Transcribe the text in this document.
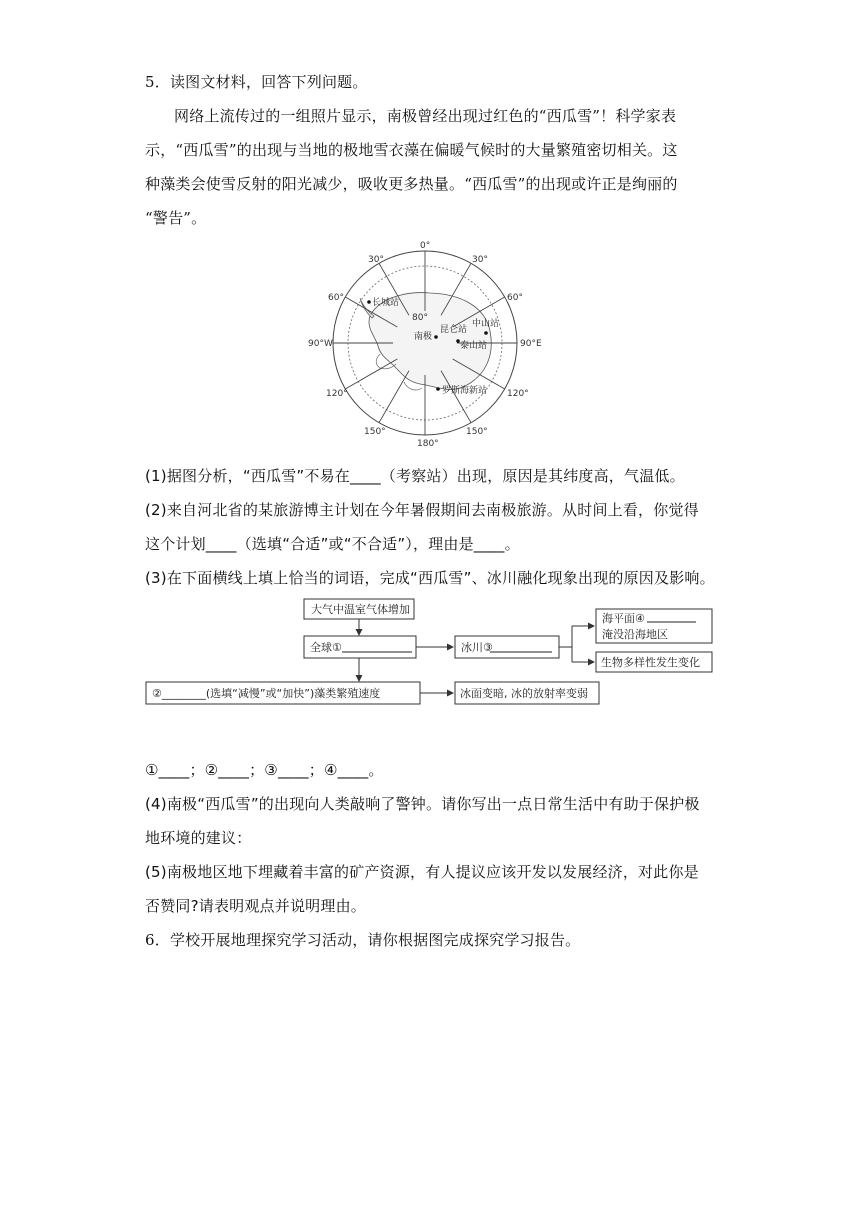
5．读图文材料，回答下列问题。
网络上流传过的一组照片显示，南极曾经出现过红色的“西瓜雪”！科学家表
示，“西瓜雪”的出现与当地的极地雪衣藻在偏暖气候时的大量繁殖密切相关。这
种藻类会使雪反射的阳光减少，吸收更多热量。“西瓜雪”的出现或许正是绚丽的
“警告”。
0°
30°	30°
60°	60°
90°W	90°E
120°	120°
150°	150°
180°
80°
南极
长城站
昆仑站
中山站
泰山站
罗斯海新站
(1)据图分析，“西瓜雪”不易在____（考察站）出现，原因是其纬度高，气温低。
(2)来自河北省的某旅游博主计划在今年暑假期间去南极旅游。从时间上看，你觉得
这个计划____（选填“合适”或“不合适”），理由是____。
(3)在下面横线上填上恰当的词语，完成“西瓜雪”、冰川融化现象出现的原因及影响。
大气中温室气体增加
全球①	冰川③
海平面④
淹没沿海地区
生物多样性发生变化
②________(选填“减慢”或“加快”)藻类繁殖速度	冰面变暗, 冰的放射率变弱
①____；②____；③____；④____。
(4)南极“西瓜雪”的出现向人类敲响了警钟。请你写出一点日常生活中有助于保护极
地环境的建议：
(5)南极地区地下埋藏着丰富的矿产资源，有人提议应该开发以发展经济，对此你是
否赞同?请表明观点并说明理由。
6．学校开展地理探究学习活动，请你根据图完成探究学习报告。
